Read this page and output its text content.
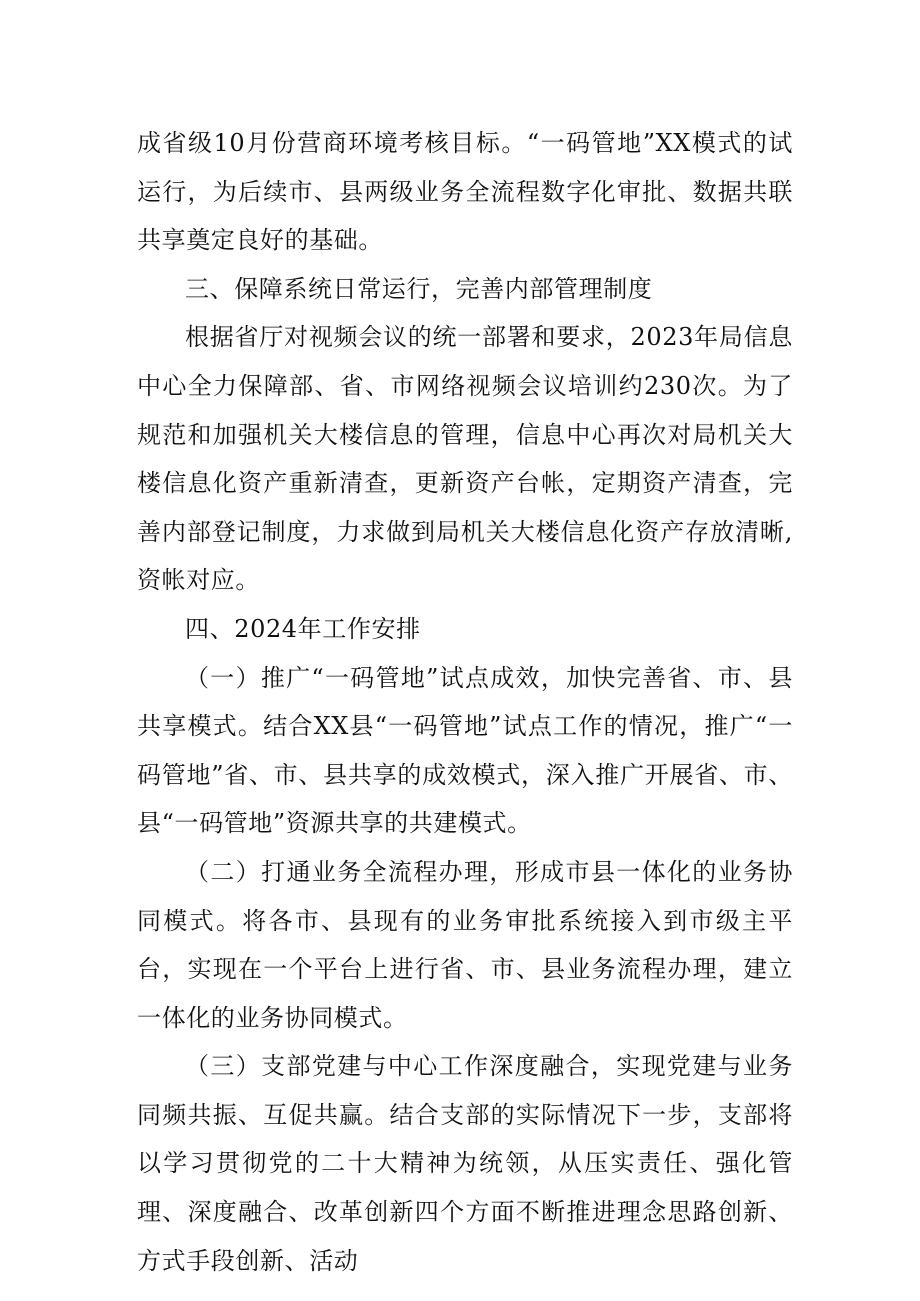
成省级10月份营商环境考核目标。“一码管地”XX模式的试运行，为后续市、县两级业务全流程数字化审批、数据共联共享奠定良好的基础。

三、保障系统日常运行，完善内部管理制度

根据省厅对视频会议的统一部署和要求，2023年局信息中心全力保障部、省、市网络视频会议培训约230次。为了规范和加强机关大楼信息的管理，信息中心再次对局机关大楼信息化资产重新清查，更新资产台帐，定期资产清查，完善内部登记制度，力求做到局机关大楼信息化资产存放清晰,资帐对应。

四、2024年工作安排

（一）推广“一码管地”试点成效，加快完善省、市、县共享模式。结合XX县“一码管地”试点工作的情况，推广“一码管地”省、市、县共享的成效模式，深入推广开展省、市、县“一码管地”资源共享的共建模式。

（二）打通业务全流程办理，形成市县一体化的业务协同模式。将各市、县现有的业务审批系统接入到市级主平台，实现在一个平台上进行省、市、县业务流程办理，建立一体化的业务协同模式。

（三）支部党建与中心工作深度融合，实现党建与业务同频共振、互促共赢。结合支部的实际情况下一步，支部将以学习贯彻党的二十大精神为统领，从压实责任、强化管理、深度融合、改革创新四个方面不断推进理念思路创新、方式手段创新、活动
